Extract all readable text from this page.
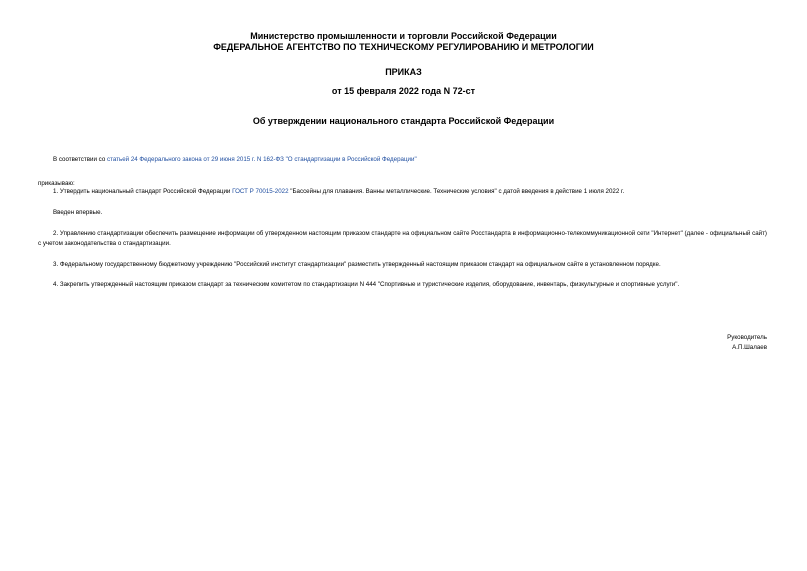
Министерство промышленности и торговли Российской Федерации
ФЕДЕРАЛЬНОЕ АГЕНТСТВО ПО ТЕХНИЧЕСКОМУ РЕГУЛИРОВАНИЮ И МЕТРОЛОГИИ
ПРИКАЗ
от 15 февраля 2022 года N 72-ст
Об утверждении национального стандарта Российской Федерации
В соответствии со статьей 24 Федерального закона от 29 июня 2015 г. N 162-ФЗ "О стандартизации в Российской Федерации"
приказываю:
1. Утвердить национальный стандарт Российской Федерации ГОСТ Р 70015-2022 "Бассейны для плавания. Ванны металлические. Технические условия" с датой введения в действие 1 июля 2022 г.
Введен впервые.
2. Управлению стандартизации обеспечить размещение информации об утвержденном настоящим приказом стандарте на официальном сайте Росстандарта в информационно-телекоммуникационной сети "Интернет" (далее - официальный сайт) с учетом законодательства о стандартизации.
3. Федеральному государственному бюджетному учреждению "Российский институт стандартизации" разместить утвержденный настоящим приказом стандарт на официальном сайте в установленном порядке.
4. Закрепить утвержденный настоящим приказом стандарт за техническим комитетом по стандартизации N 444 "Спортивные и туристические изделия, оборудование, инвентарь, физкультурные и спортивные услуги".
Руководитель
А.П.Шалаев
